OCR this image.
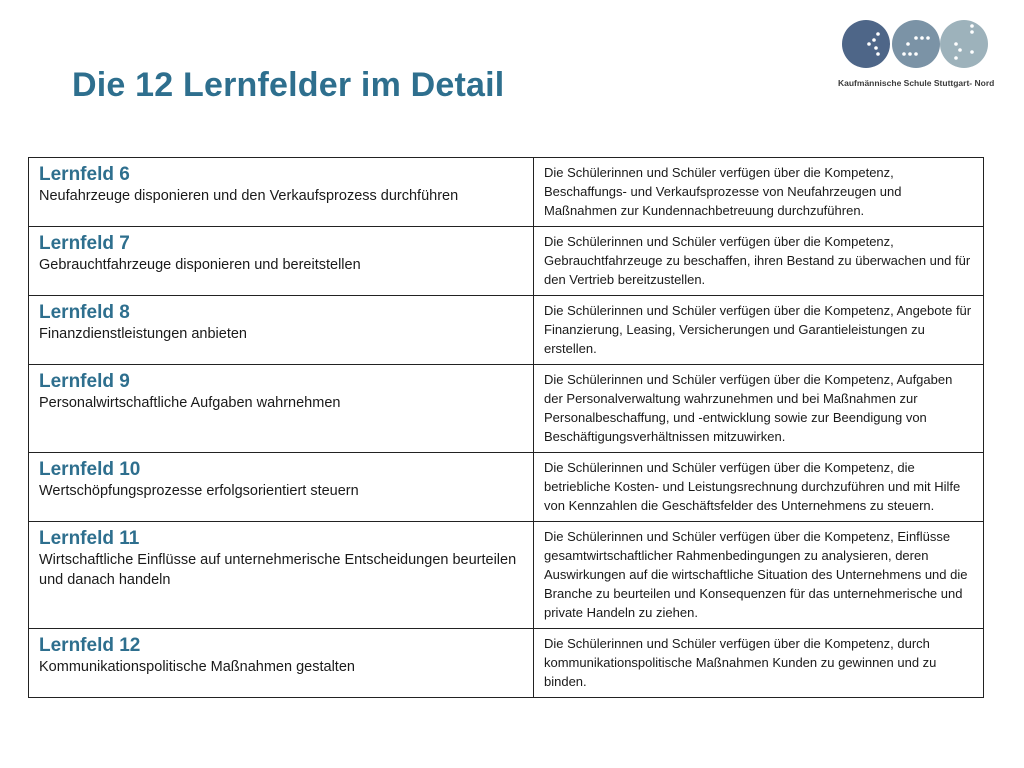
Die 12 Lernfelder im Detail	Kaufmännische Schule Stuttgart- Nord
Lernfeld 6
Neufahrzeuge disponieren und den Verkaufsprozess durchführen	Die Schülerinnen und Schüler verfügen über die Kompetenz, Beschaffungs- und Verkaufsprozesse von Neufahrzeugen und Maßnahmen zur Kundennachbetreuung durchzuführen.

Lernfeld 7
Gebrauchtfahrzeuge disponieren und bereitstellen	Die Schülerinnen und Schüler verfügen über die Kompetenz, Gebrauchtfahrzeuge zu beschaffen, ihren Bestand zu überwachen und für den Vertrieb bereitzustellen.

Lernfeld 8
Finanzdienstleistungen anbieten	Die Schülerinnen und Schüler verfügen über die Kompetenz, Angebote für Finanzierung, Leasing, Versicherungen und Garantieleistungen zu erstellen.

Lernfeld 9
Personalwirtschaftliche Aufgaben wahrnehmen	Die Schülerinnen und Schüler verfügen über die Kompetenz, Aufgaben der Personalverwaltung wahrzunehmen und bei Maßnahmen zur Personalbeschaffung, und -entwicklung sowie zur Beendigung von Beschäftigungsverhältnissen mitzuwirken.

Lernfeld 10
Wertschöpfungsprozesse erfolgsorientiert steuern	Die Schülerinnen und Schüler verfügen über die Kompetenz, die betriebliche Kosten- und Leistungsrechnung durchzuführen und mit Hilfe von Kennzahlen die Geschäftsfelder des Unternehmens zu steuern.

Lernfeld 11
Wirtschaftliche Einflüsse auf unternehmerische Entscheidungen beurteilen und danach handeln	Die Schülerinnen und Schüler verfügen über die Kompetenz, Einflüsse gesamtwirtschaftlicher Rahmenbedingungen zu analysieren, deren Auswirkungen auf die wirtschaftliche Situation des Unternehmens und die Branche zu beurteilen und Konsequenzen für das unternehmerische und private Handeln zu ziehen.

Lernfeld 12
Kommunikationspolitische Maßnahmen gestalten	Die Schülerinnen und Schüler verfügen über die Kompetenz, durch kommunikationspolitische Maßnahmen Kunden zu gewinnen und zu binden.
